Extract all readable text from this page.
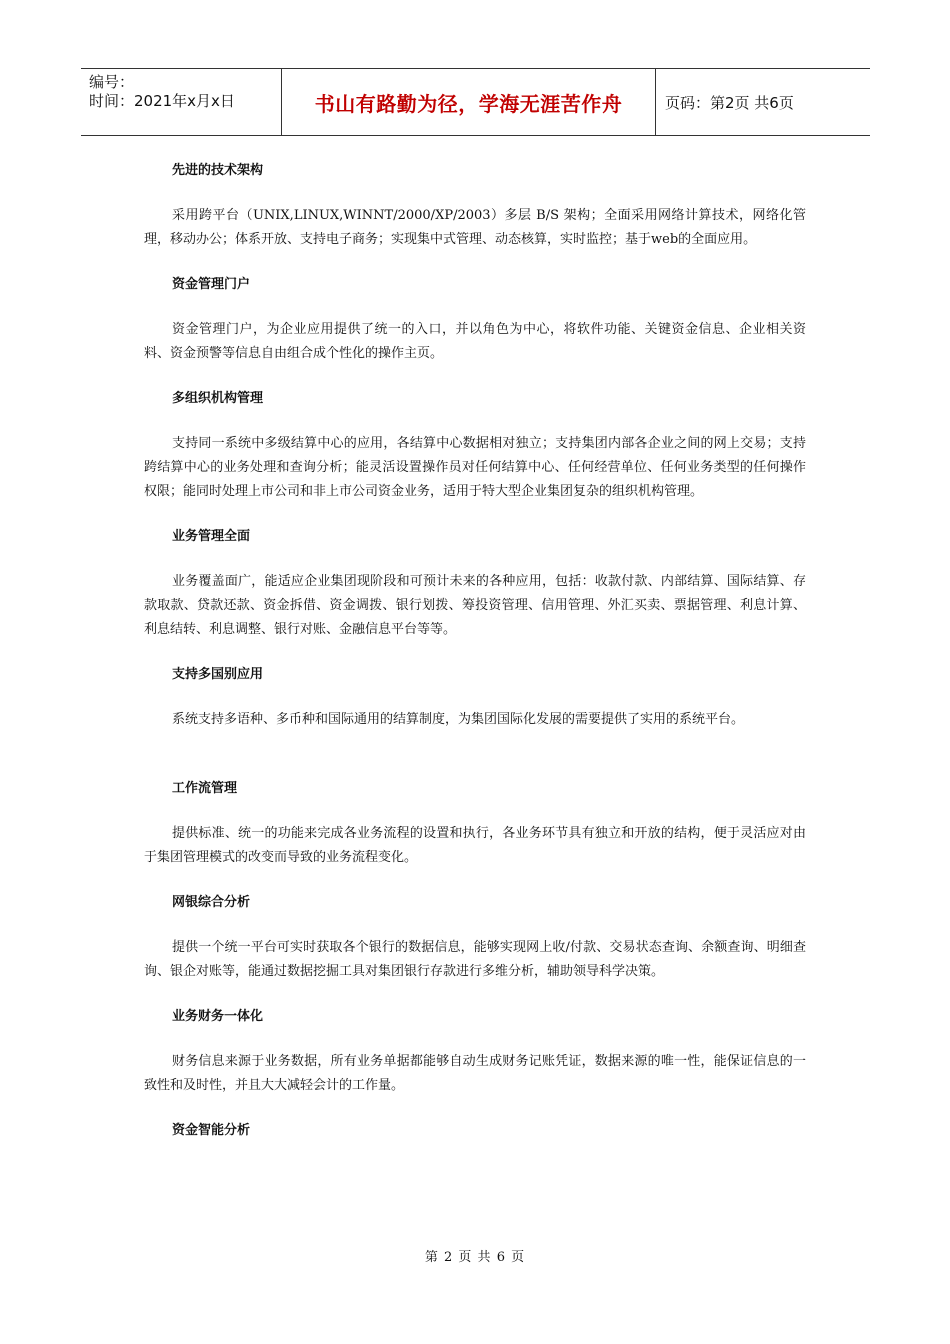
编号：
时间：2021年x月x日	书山有路勤为径，学海无涯苦作舟	页码：第2页 共6页

先进的技术架构

采用跨平台（UNIX,LINUX,WINNT/2000/XP/2003）多层 B/S 架构；全面采用网络计算技术，网络化管理，移动办公；体系开放、支持电子商务；实现集中式管理、动态核算，实时监控；基于web的全面应用。

资金管理门户

资金管理门户，为企业应用提供了统一的入口，并以角色为中心，将软件功能、关键资金信息、企业相关资料、资金预警等信息自由组合成个性化的操作主页。

多组织机构管理

支持同一系统中多级结算中心的应用，各结算中心数据相对独立；支持集团内部各企业之间的网上交易；支持跨结算中心的业务处理和查询分析；能灵活设置操作员对任何结算中心、任何经营单位、任何业务类型的任何操作权限；能同时处理上市公司和非上市公司资金业务，适用于特大型企业集团复杂的组织机构管理。

业务管理全面

业务覆盖面广，能适应企业集团现阶段和可预计未来的各种应用，包括：收款付款、内部结算、国际结算、存款取款、贷款还款、资金拆借、资金调拨、银行划拨、筹投资管理、信用管理、外汇买卖、票据管理、利息计算、利息结转、利息调整、银行对账、金融信息平台等等。

支持多国别应用

系统支持多语种、多币种和国际通用的结算制度，为集团国际化发展的需要提供了实用的系统平台。

工作流管理

提供标准、统一的功能来完成各业务流程的设置和执行，各业务环节具有独立和开放的结构，便于灵活应对由于集团管理模式的改变而导致的业务流程变化。

网银综合分析

提供一个统一平台可实时获取各个银行的数据信息，能够实现网上收/付款、交易状态查询、余额查询、明细查询、银企对账等，能通过数据挖掘工具对集团银行存款进行多维分析，辅助领导科学决策。

业务财务一体化

财务信息来源于业务数据，所有业务单据都能够自动生成财务记账凭证，数据来源的唯一性，能保证信息的一致性和及时性，并且大大减轻会计的工作量。

资金智能分析

第 2 页 共 6 页
